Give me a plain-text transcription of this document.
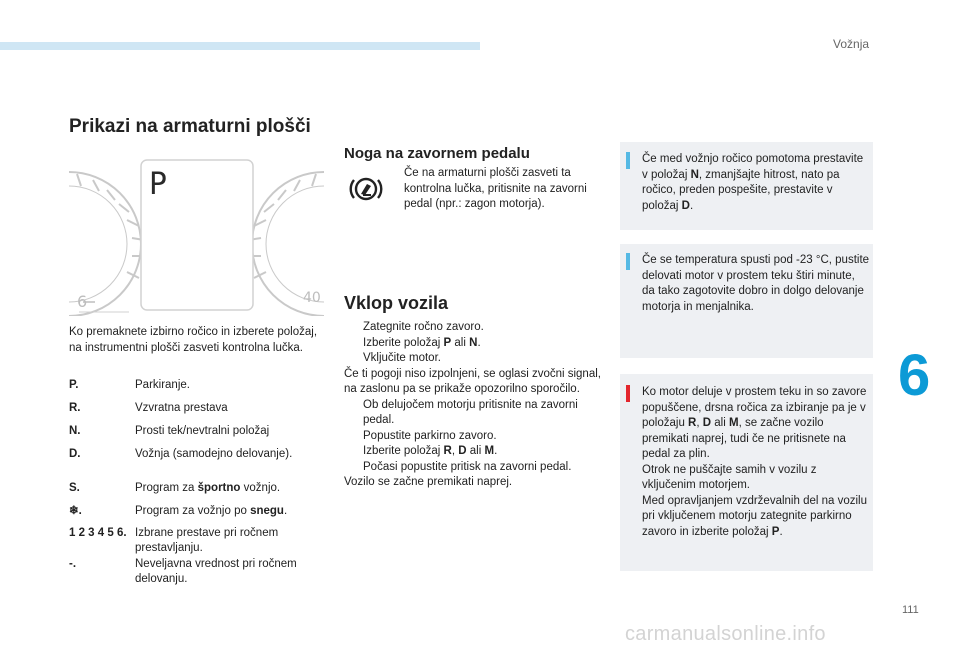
Vožnja
Prikazi na armaturni plošči
P
6	40
Ko premaknete izbirno ročico in izberete položaj, na instrumentni plošči zasveti kontrolna lučka.
P.	Parkiranje.
R.	Vzvratna prestava
N.	Prosti tek/nevtralni položaj
D.	Vožnja (samodejno delovanje).
S.	Program za športno vožnjo.
❄.	Program za vožnjo po snegu.
1 2 3 4 5 6. Izbrane prestave pri ročnem prestavljanju.
-.	Neveljavna vrednost pri ročnem delovanju.
Noga na zavornem pedalu
Če na armaturni plošči zasveti ta kontrolna lučka, pritisnite na zavorni pedal (npr.: zagon motorja).
Vklop vozila
Zategnite ročno zavoro.
Izberite položaj P ali N.
Vključite motor.
Če ti pogoji niso izpolnjeni, se oglasi zvočni signal, na zaslonu pa se prikaže opozorilno sporočilo.
Ob delujočem motorju pritisnite na zavorni pedal.
Popustite parkirno zavoro.
Izberite položaj R, D ali M.
Počasi popustite pritisk na zavorni pedal.
Vozilo se začne premikati naprej.
Če med vožnjo ročico pomotoma prestavite v položaj N, zmanjšajte hitrost, nato pa ročico, preden pospešite, prestavite v položaj D.
Če se temperatura spusti pod -23 °C, pustite delovati motor v prostem teku štiri minute, da tako zagotovite dobro in dolgo delovanje motorja in menjalnika.
Ko motor deluje v prostem teku in so zavore popuščene, drsna ročica za izbiranje pa je v položaju R, D ali M, se začne vozilo premikati naprej, tudi če ne pritisnete na pedal za plin.
Otrok ne puščajte samih v vozilu z vključenim motorjem.
Med opravljanjem vzdrževalnih del na vozilu pri vključenem motorju zategnite parkirno zavoro in izberite položaj P.
6
111
carmanualsonline.info
